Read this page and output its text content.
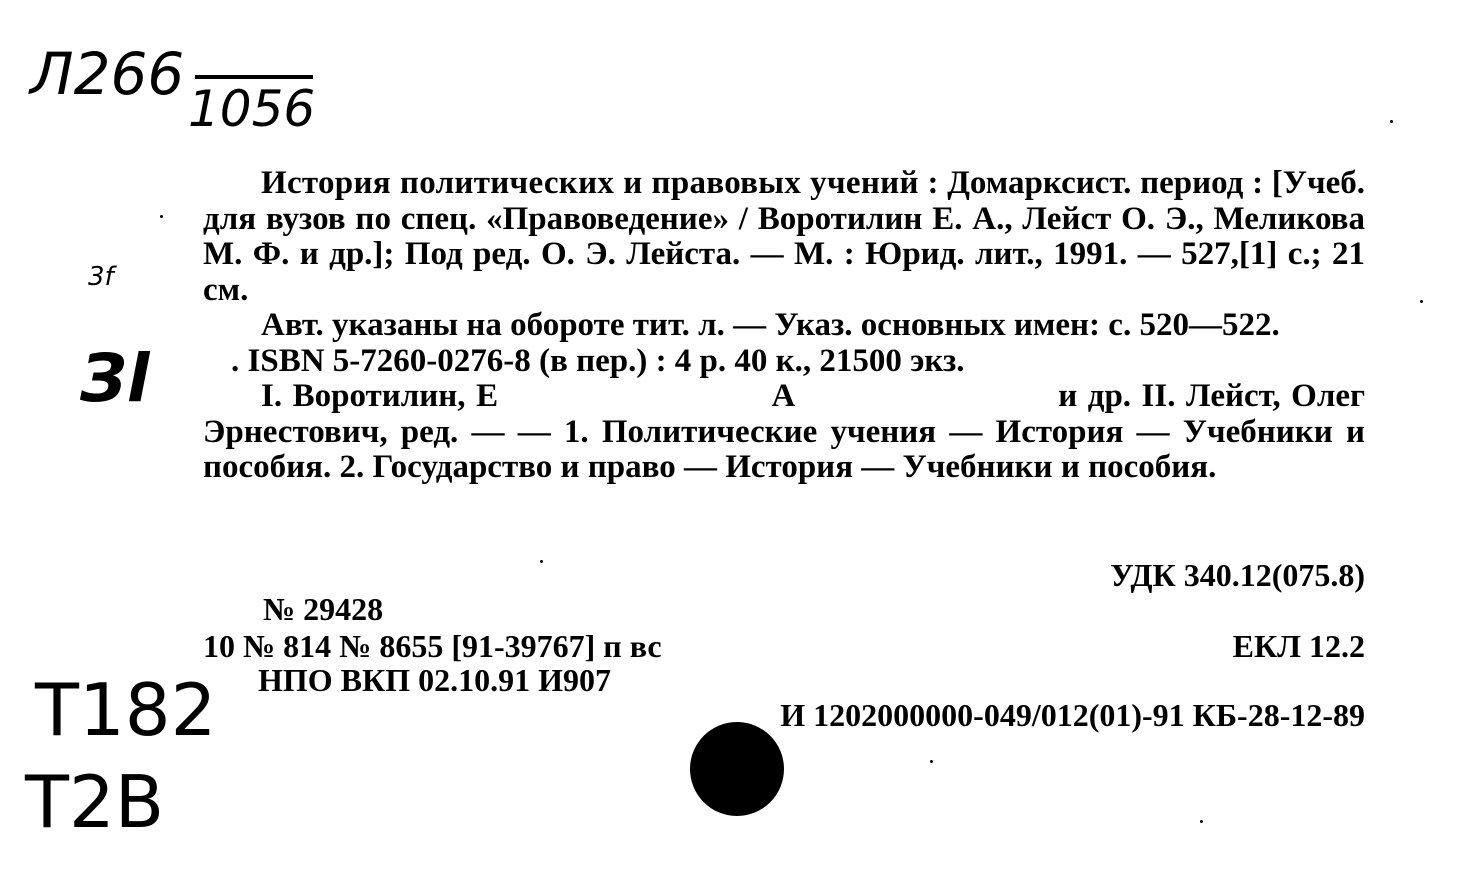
Л266
1056
3f
Зl
Т182
Т2В

История политических и правовых учений : Домарксист. период : [Учеб. для вузов по спец. «Правоведение» / Воротилин Е. А., Лейст О. Э., Меликова М. Ф. и др.]; Под ред. О. Э. Лейста. — М. : Юрид. лит., 1991. — 527,[1] с.; 21 см.

Авт. указаны на обороте тит. л. — Указ. основных имен: с. 520—522.

. ISBN 5-7260-0276-8 (в пер.) : 4 р. 40 к., 21500 экз.

I. Воротилин, Е                          А                         и др. II. Лейст, Олег Эрнестович, ред. — — 1. Политические учения — История — Учебники и пособия. 2. Государство и право — История — Учебники и пособия.

УДК 340.12(075.8)
№ 29428
10 № 814 № 8655 [91-39767] п вс	ЕКЛ 12.2
НПО ВКП 02.10.91 И907
И 1202000000-049/012(01)-91 КБ-28-12-89
